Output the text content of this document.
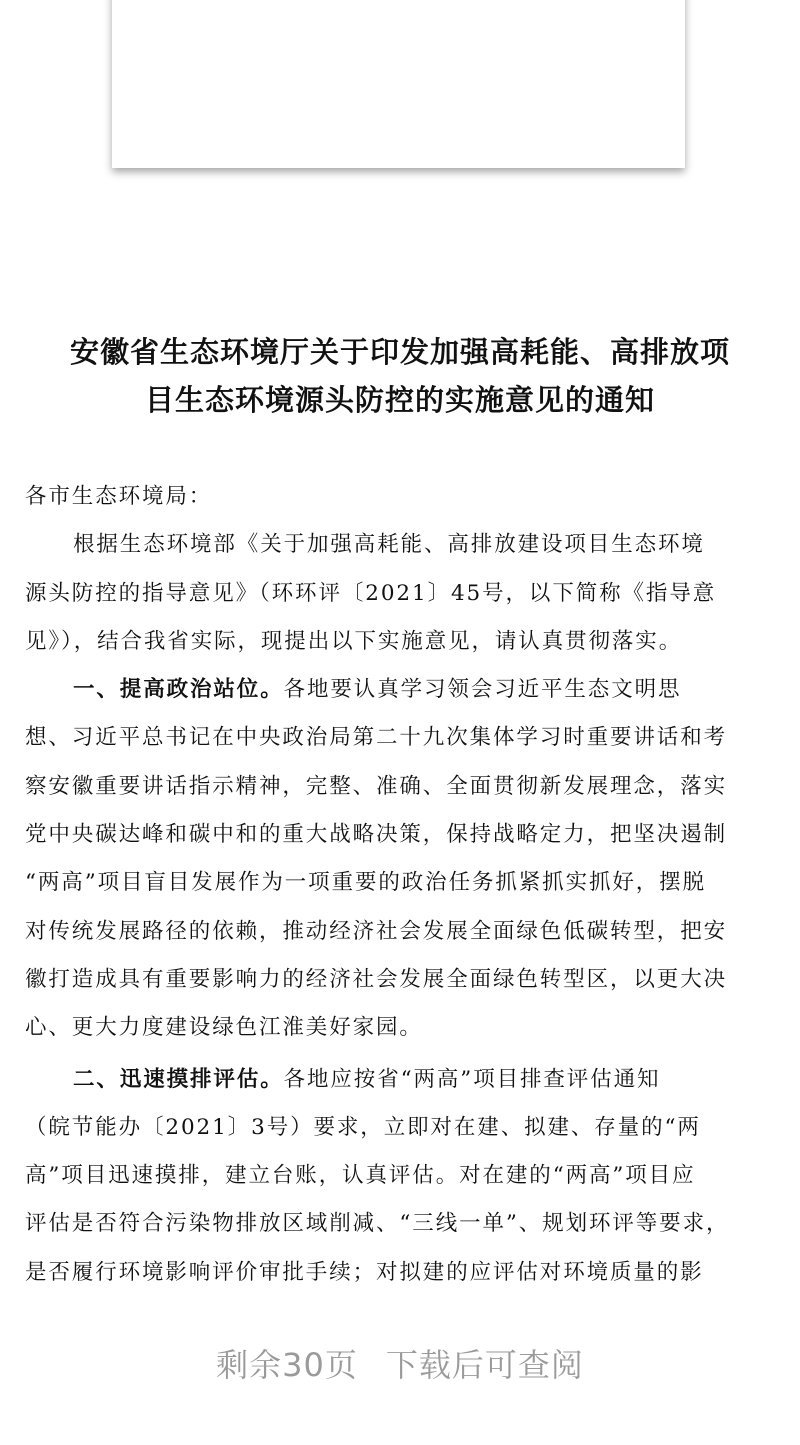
安徽省生态环境厅关于印发加强高耗能、高排放项
目生态环境源头防控的实施意见的通知
各市生态环境局：
根据生态环境部《关于加强高耗能、高排放建设项目生态环境
源头防控的指导意见》（环环评〔2021〕45号，以下简称《指导意
见》），结合我省实际，现提出以下实施意见，请认真贯彻落实。
一、提高政治站位。各地要认真学习领会习近平生态文明思
想、习近平总书记在中央政治局第二十九次集体学习时重要讲话和考
察安徽重要讲话指示精神，完整、准确、全面贯彻新发展理念，落实
党中央碳达峰和碳中和的重大战略决策，保持战略定力，把坚决遏制
“两高”项目盲目发展作为一项重要的政治任务抓紧抓实抓好，摆脱
对传统发展路径的依赖，推动经济社会发展全面绿色低碳转型，把安
徽打造成具有重要影响力的经济社会发展全面绿色转型区，以更大决
心、更大力度建设绿色江淮美好家园。
二、迅速摸排评估。各地应按省“两高”项目排查评估通知
（皖节能办〔2021〕3号）要求，立即对在建、拟建、存量的“两
高”项目迅速摸排，建立台账，认真评估。对在建的“两高”项目应
评估是否符合污染物排放区域削减、“三线一单”、规划环评等要求，
是否履行环境影响评价审批手续；对拟建的应评估对环境质量的影
剩余30页 下载后可查阅
